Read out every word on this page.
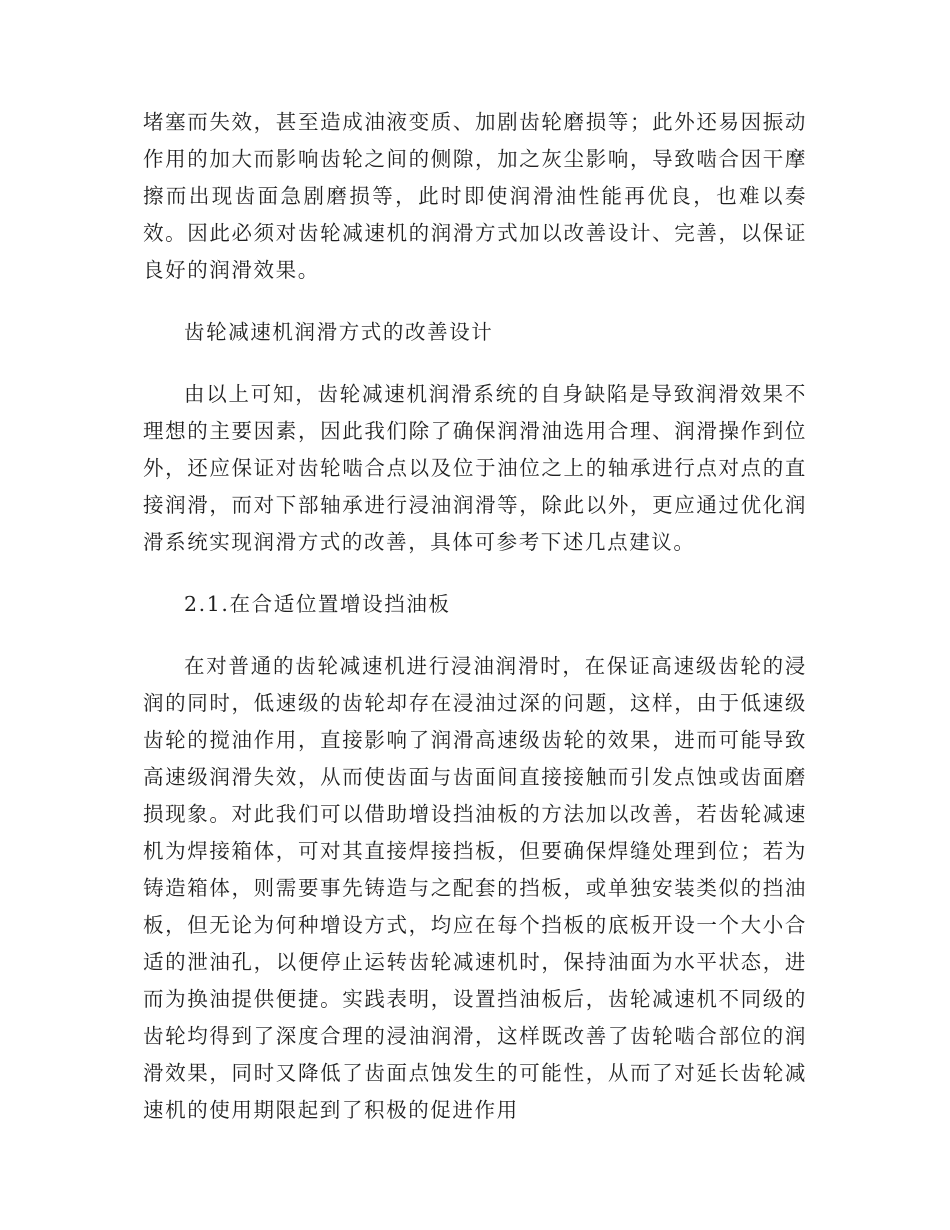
堵塞而失效，甚至造成油液变质、加剧齿轮磨损等；此外还易因振动作用的加大而影响齿轮之间的侧隙，加之灰尘影响，导致啮合因干摩擦而出现齿面急剧磨损等，此时即使润滑油性能再优良，也难以奏效。因此必须对齿轮减速机的润滑方式加以改善设计、完善，以保证良好的润滑效果。

齿轮减速机润滑方式的改善设计

由以上可知，齿轮减速机润滑系统的自身缺陷是导致润滑效果不理想的主要因素，因此我们除了确保润滑油选用合理、润滑操作到位外，还应保证对齿轮啮合点以及位于油位之上的轴承进行点对点的直接润滑，而对下部轴承进行浸油润滑等，除此以外，更应通过优化润滑系统实现润滑方式的改善，具体可参考下述几点建议。

2.1.在合适位置增设挡油板

在对普通的齿轮减速机进行浸油润滑时，在保证高速级齿轮的浸润的同时，低速级的齿轮却存在浸油过深的问题，这样，由于低速级齿轮的搅油作用，直接影响了润滑高速级齿轮的效果，进而可能导致高速级润滑失效，从而使齿面与齿面间直接接触而引发点蚀或齿面磨损现象。对此我们可以借助增设挡油板的方法加以改善，若齿轮减速机为焊接箱体，可对其直接焊接挡板，但要确保焊缝处理到位；若为铸造箱体，则需要事先铸造与之配套的挡板，或单独安装类似的挡油板，但无论为何种增设方式，均应在每个挡板的底板开设一个大小合适的泄油孔，以便停止运转齿轮减速机时，保持油面为水平状态，进而为换油提供便捷。实践表明，设置挡油板后，齿轮减速机不同级的齿轮均得到了深度合理的浸油润滑，这样既改善了齿轮啮合部位的润滑效果，同时又降低了齿面点蚀发生的可能性，从而了对延长齿轮减速机的使用期限起到了积极的促进作用
